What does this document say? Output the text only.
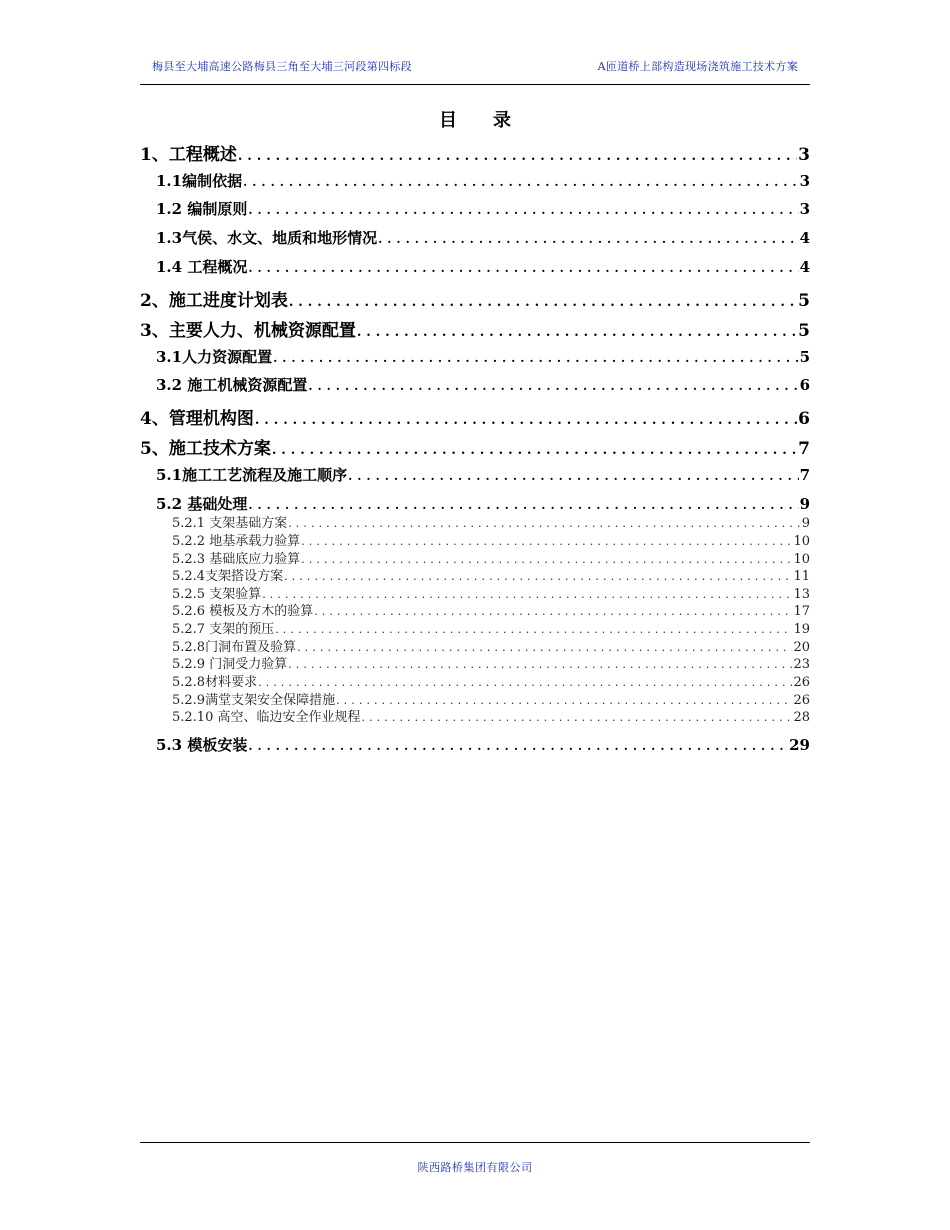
梅县至大埔高速公路梅县三角至大埔三河段第四标段	A匝道桥上部构造现场浇筑施工技术方案
目 录
1、工程概述 . . .	3
1.1编制依据 . . .	3
1.2 编制原则 . . .	3
1.3气侯、水文、地质和地形情况 . . .	4
1.4 工程概况 . . .	4
2、施工进度计划表 . . .	5
3、主要人力、机械资源配置 . . .	5
3.1人力资源配置 . . .	5
3.2 施工机械资源配置 . . .	6
4、管理机构图 . . .	6
5、施工技术方案 . . .	7
5.1施工工艺流程及施工顺序 . . .	7
5.2 基础处理 . . .	9
5.2.1 支架基础方案 . . .	9
5.2.2 地基承载力验算 . . .	10
5.2.3 基础底应力验算 . . .	10
5.2.4支架搭设方案 . . .	11
5.2.5 支架验算 . . .	13
5.2.6 模板及方木的验算 . . .	17
5.2.7 支架的预压 . . .	19
5.2.8门洞布置及验算 . . .	20
5.2.9 门洞受力验算 . . .	23
5.2.8材料要求 . . .	26
5.2.9满堂支架安全保障措施 . . .	26
5.2.10 高空、临边安全作业规程 . . .	28
5.3 模板安装 . . .	29
陕西路桥集团有限公司
